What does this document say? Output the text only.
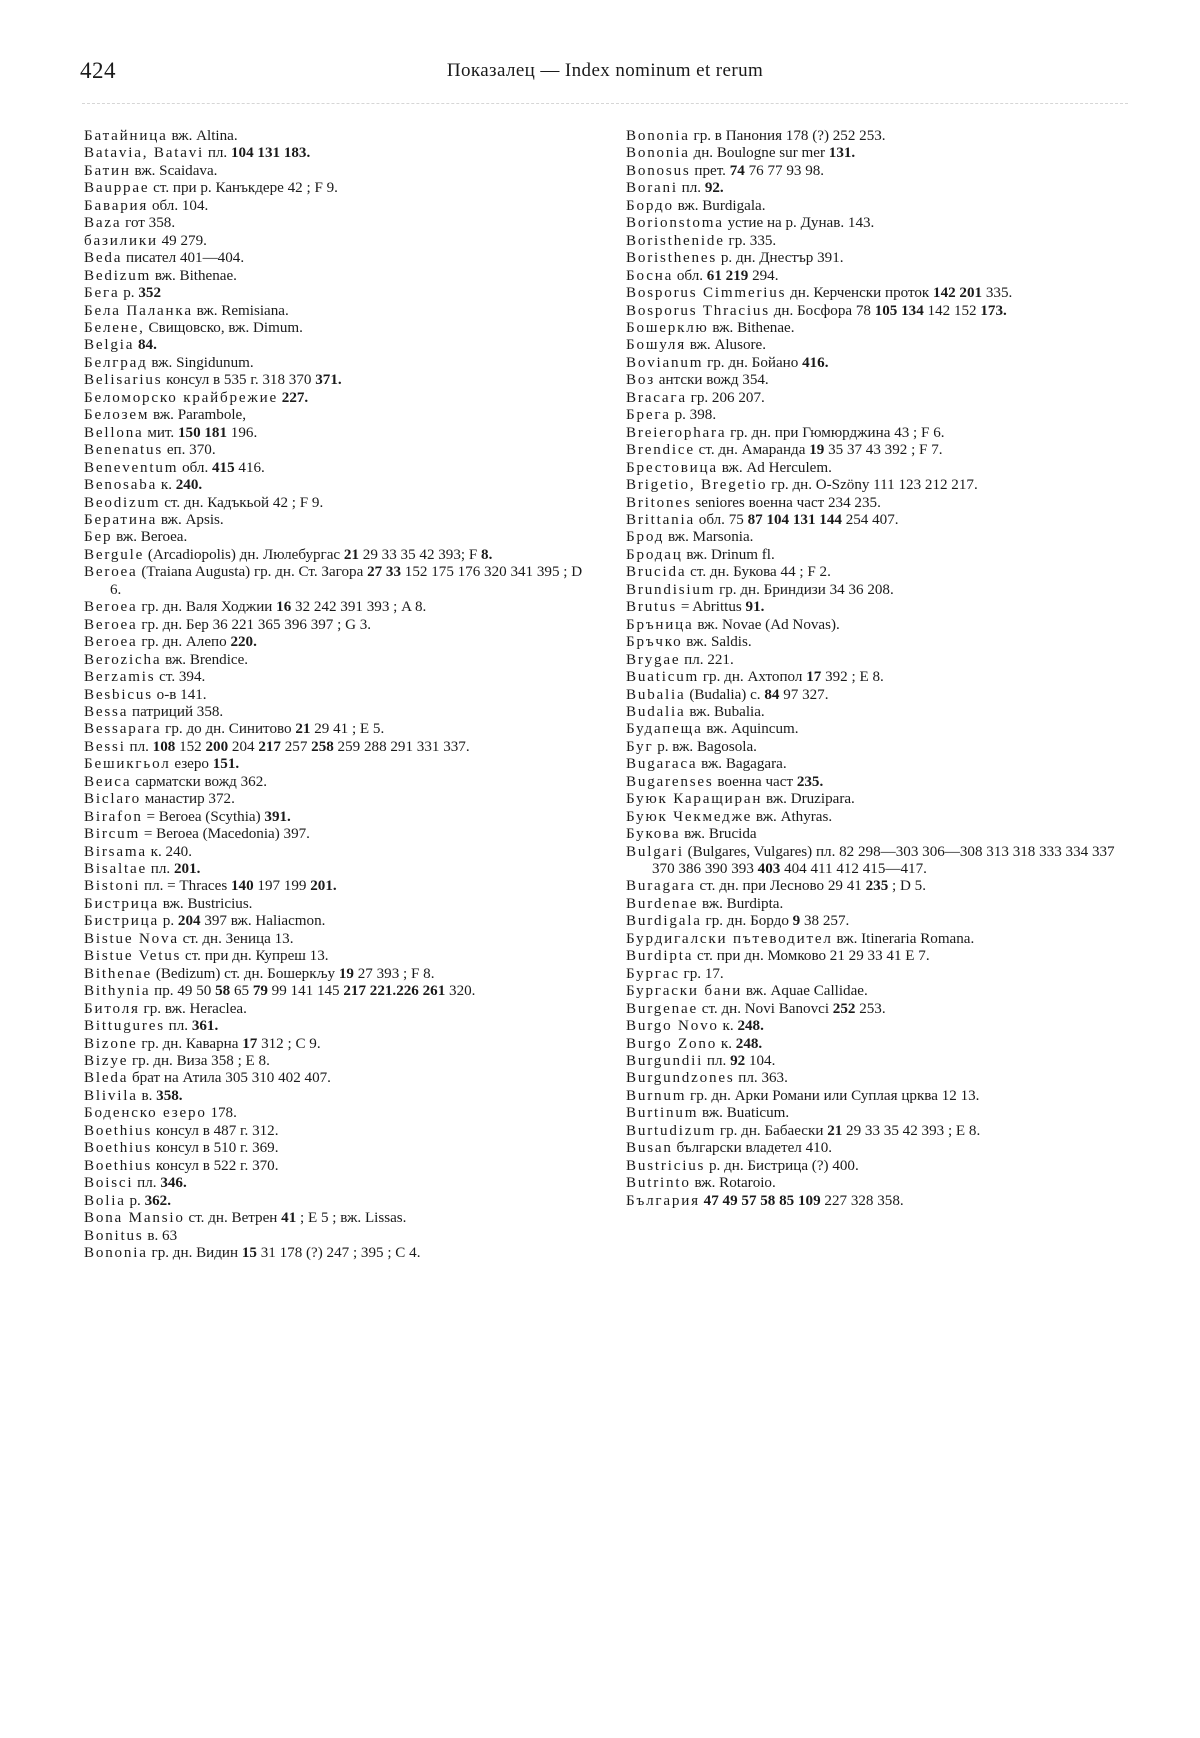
424	Показалец — Index nominum et rerum

Батайница вж. Altina.

Batavia, Batavi пл. 104 131 183.

Батин вж. Scaidava.

Bauppae ст. при р. Канъкдере 42 ; F 9.

Бавария обл. 104.

Baza гот 358.

базилики 49 279.

Beda писател 401—404.

Bedizum вж. Bithenae.

Бега р. 352

Бела Паланка вж. Remisiana.

Белене, Свищовско, вж. Dimum.

Belgia 84.

Белград вж. Singidunum.

Belisarius консул в 535 г. 318 370 371.

Беломорско крайбрежие 227.

Белозем вж. Parambole,

Bellona мит. 150 181 196.

Benenatus еп. 370.

Beneventum обл. 415 416.

Benosaba к. 240.

Beodizum ст. дн. Кадъкьой 42 ; F 9.

Бератина вж. Apsis.

Бер вж. Beroea.

Bergule (Arcadiopolis) дн. Люлебургас 21 29 33 35 42 393; F 8.

Beroea (Traiana Augusta) гр. дн. Ст. Загора 27 33 152 175 176 320 341 395 ; D 6.

Beroea гр. дн. Валя Ходжии 16 32 242 391 393 ; A 8.

Beroea гр. дн. Бер 36 221 365 396 397 ; G 3.

Beroea гр. дн. Алепо 220.

Berozicha вж. Brendice.

Berzamis ст. 394.

Besbicus о-в 141.

Bessa патриций 358.

Bessapara гр. до дн. Синитово 21 29 41 ; E 5.

Bessi пл. 108 152 200 204 217 257 258 259 288 291 331 337.

Бешикгьол езеро 151.

Веиса сарматски вожд 362.

Biclaro манастир 372.

Birafon = Beroea (Scythia) 391.

Bircum = Beroea (Macedonia) 397.

Birsama к. 240.

Bisaltae пл. 201.

Bistoni пл. = Thraces 140 197 199 201.

Бистрица вж. Bustricius.

Бистрица р. 204 397 вж. Haliacmon.

Bistue Nova ст. дн. Зеница 13.

Bistue Vetus ст. при дн. Купреш 13.

Bithenae (Bedizum) ст. дн. Бошеркљу 19 27 393 ; F 8.

Bithynia пр. 49 50 58 65 79 99 141 145 217 221.226 261 320.

Битоля гр. вж. Heraclea.

Bittugures пл. 361.

Bizone гр. дн. Каварна 17 312 ; C 9.

Bizye гр. дн. Виза 358 ; E 8.

Bleda брат на Атила 305 310 402 407.

Blivila в. 358.

Боденско езеро 178.

Boethius консул в 487 г. 312.

Boethius консул в 510 г. 369.

Boethius консул в 522 г. 370.

Boisci пл. 346.

Bolia р. 362.

Bona Mansio ст. дн. Ветрен 41 ; E 5 ; вж. Lissas.

Bonitus в. 63

Bononia гр. дн. Видин 15 31 178 (?) 247 ; 395 ; C 4.

Bononia гр. в Панония 178 (?) 252 253.

Bononia дн. Boulogne sur mer 131.

Bonosus прет. 74 76 77 93 98.

Borani пл. 92.

Бордо вж. Burdigala.

Borionstoma устие на р. Дунав. 143.

Boristhenide гр. 335.

Boristhenes р. дн. Днестър 391.

Босна обл. 61 219 294.

Bosporus Cimmerius дн. Керченски проток 142 201 335.

Bosporus Thracius дн. Босфора 78 105 134 142 152 173.

Бошерклю вж. Bithenae.

Бошуля вж. Alusore.

Bovianum гр. дн. Бойано 416.

Воз антски вожд 354.

Вrасага гр. 206 207.

Брега р. 398.

Breierophara гр. дн. при Гюмюрджина 43 ; F 6.

Brendice ст. дн. Амаранда 19 35 37 43 392 ; F 7.

Брестовица вж. Ad Herculem.

Brigetio, Bregetio гр. дн. O-Szöny 111 123 212 217.

Britones seniores военна част 234 235.

Brittania обл. 75 87 104 131 144 254 407.

Брод вж. Marsonia.

Бродац вж. Drinum fl.

Brucida ст. дн. Букова 44 ; F 2.

Brundisium гр. дн. Бриндизи 34 36 208.

Brutus = Abrittus 91.

Бръница вж. Novae (Ad Novas).

Бръчко вж. Saldis.

Brygae пл. 221.

Buaticum гр. дн. Ахтопол 17 392 ; E 8.

Bubalia (Budalia) с. 84 97 327.

Budalia вж. Bubalia.

Будапеща вж. Aquincum.

Буг р. вж. Bagosola.

Bugaraca вж. Bagagara.

Bugarenses военна част 235.

Буюк Каращиран вж. Druzipara.

Буюк Чекмедже вж. Athyras.

Букова вж. Brucida

Bulgari (Bulgares, Vulgares) пл. 82 298—303 306—308 313 318 333 334 337 370 386 390 393 403 404 411 412 415—417.

Buragara ст. дн. при Лесново 29 41 235 ; D 5.

Burdenae вж. Burdipta.

Burdigala гр. дн. Бордо 9 38 257.

Бурдигалски пътеводител вж. Itineraria Romana.

Burdipta ст. при дн. Момково 21 29 33 41 E 7.

Бургас гр. 17.

Бургаски бани вж. Aquae Callidae.

Burgenae ст. дн. Novi Banovci 252 253.

Burgo Novo к. 248.

Burgo Zono к. 248.

Burgundii пл. 92 104.

Burgundzones пл. 363.

Burnum гр. дн. Арки Романи или Суплая црква 12 13.

Burtinum вж. Buaticum.

Burtudizum гр. дн. Бабаески 21 29 33 35 42 393 ; E 8.

Busan български владетел 410.

Bustricius р. дн. Бистрица (?) 400.

Butrinto вж. Rotaroio.

България 47 49 57 58 85 109 227 328 358.
